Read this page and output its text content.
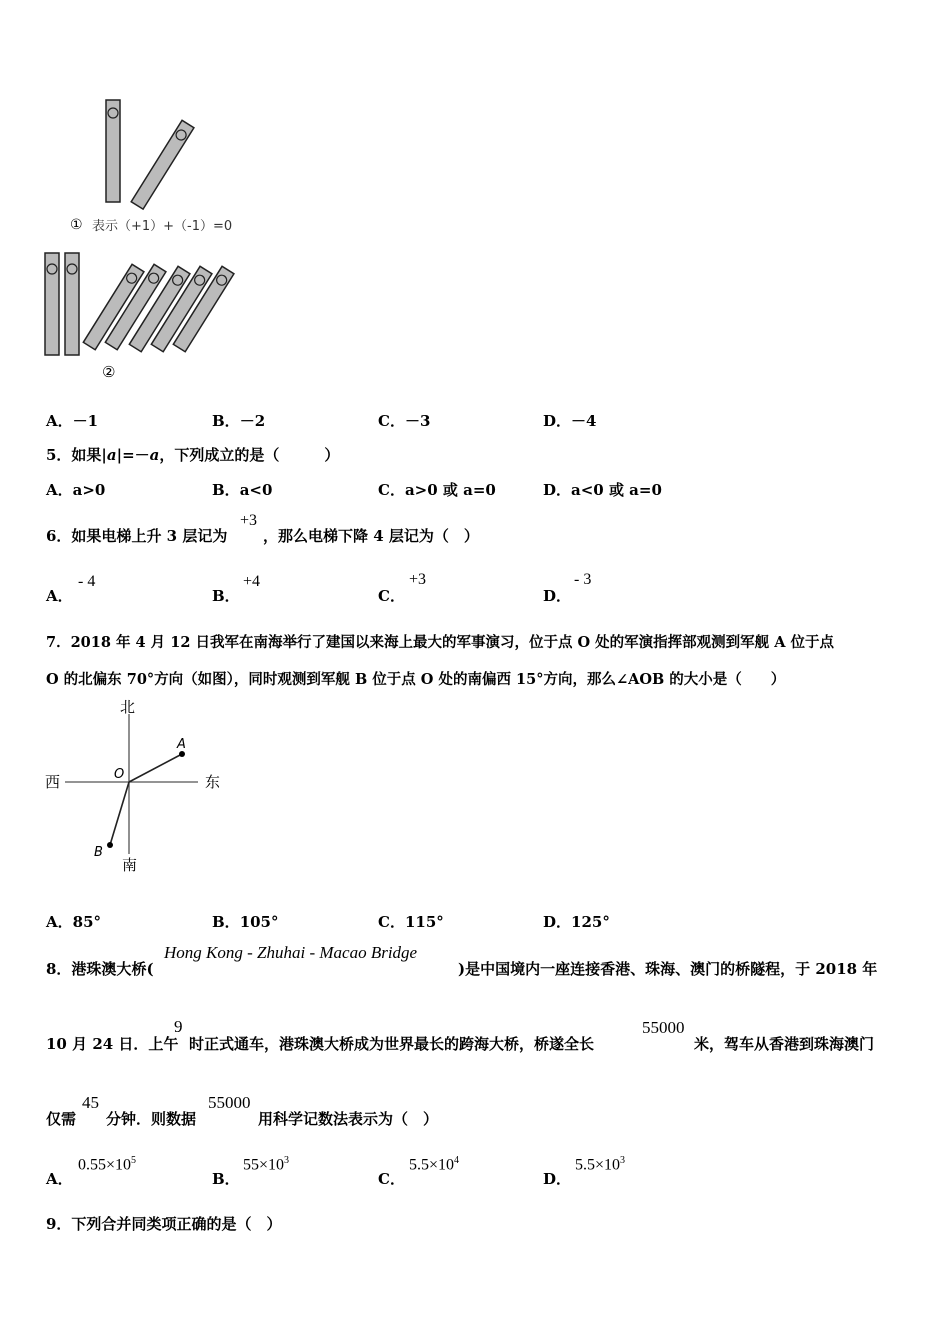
① 表示（+1）+（-1）=0
②
A．－1	B．－2	C．－3	D．－4
5．如果|a|=－a，下列成立的是（　　　）
A．a>0	B．a<0	C．a>0 或 a=0	D．a<0 或 a=0
6．如果电梯上升 3 层记为
+3
，那么电梯下降 4 层记为（　）
A．
- 4
B．
+4
C．
+3
D．
- 3
7．2018 年 4 月 12 日我军在南海举行了建国以来海上最大的军事演习，位于点 O 处的军演指挥部观测到军舰 A 位于点
O 的北偏东 70°方向（如图），同时观测到军舰 B 位于点 O 处的南偏西 15°方向，那么∠AOB 的大小是（　　）
北
南
西	东
O
A
B
A．85°	B．105°	C．115°	D．125°
8．港珠澳大桥(
Hong Kong - Zhuhai - Macao Bridge
)是中国境内一座连接香港、珠海、澳门的桥隧程，于 2018 年
10 月 24 日．上午
9
时正式通车，港珠澳大桥成为世界最长的跨海大桥，桥遂全长
55000
米，驾车从香港到珠海澳门
仅需
45
分钟．则数据
55000
用科学记数法表示为（　）
A．
$0.55\times 10^5$
B．
$55\times 10^3$
C．
$5.5\times 10^4$
D．
$5.5\times 10^3$
9．下列合并同类项正确的是（　）
